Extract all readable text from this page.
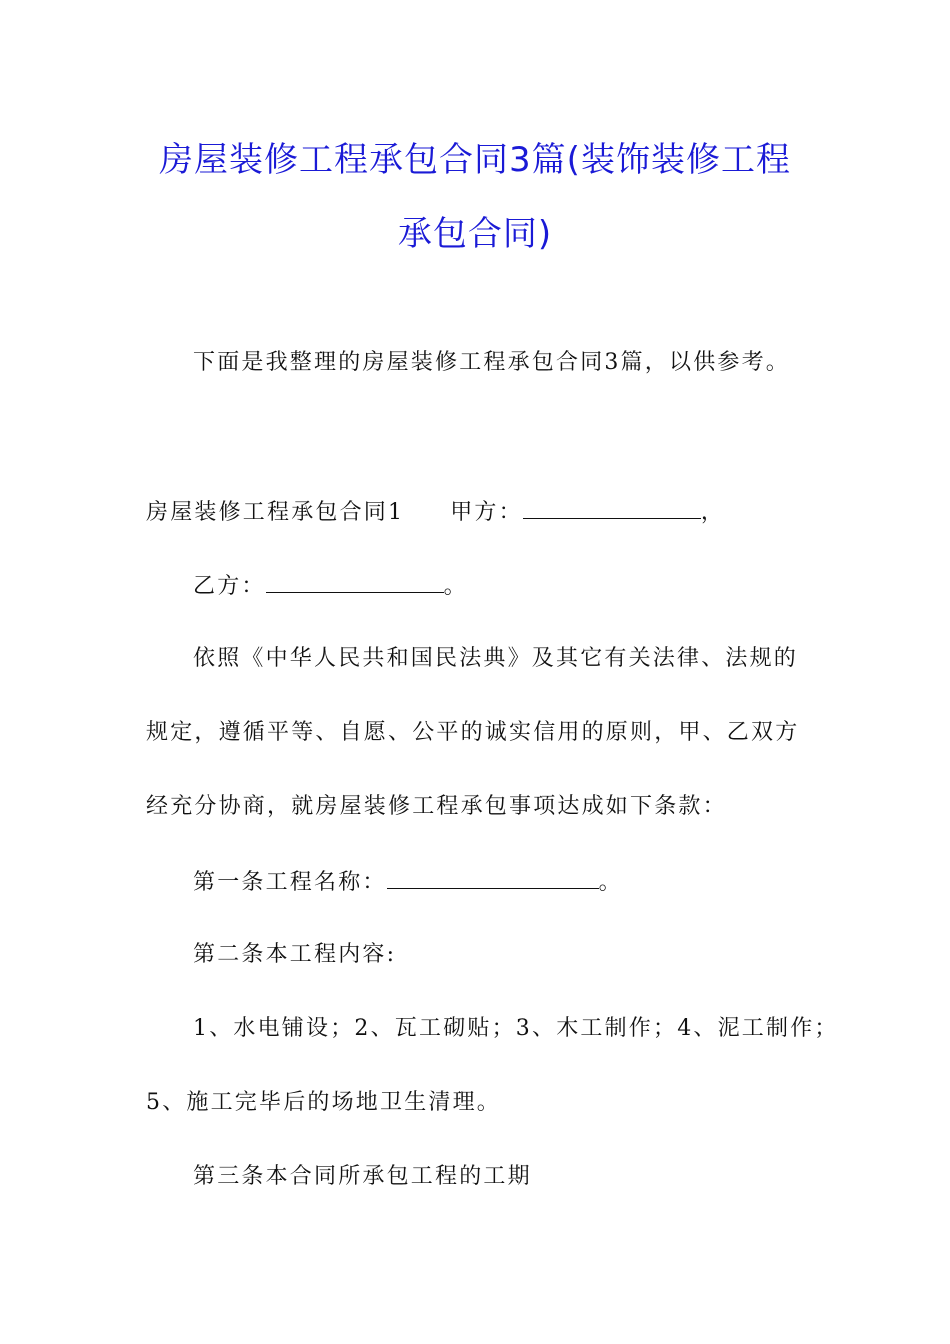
房屋装修工程承包合同3篇(装饰装修工程
承包合同)
下面是我整理的房屋装修工程承包合同3篇，以供参考。
房屋装修工程承包合同1 甲方：	，
乙方：	。
依照《中华人民共和国民法典》及其它有关法律、法规的
规定，遵循平等、自愿、公平的诚实信用的原则，甲、乙双方
经充分协商，就房屋装修工程承包事项达成如下条款：
第一条工程名称：	。
第二条本工程内容:
1、水电铺设；2、瓦工砌贴；3、木工制作；4、泥工制作；
5、施工完毕后的场地卫生清理。
第三条本合同所承包工程的工期
